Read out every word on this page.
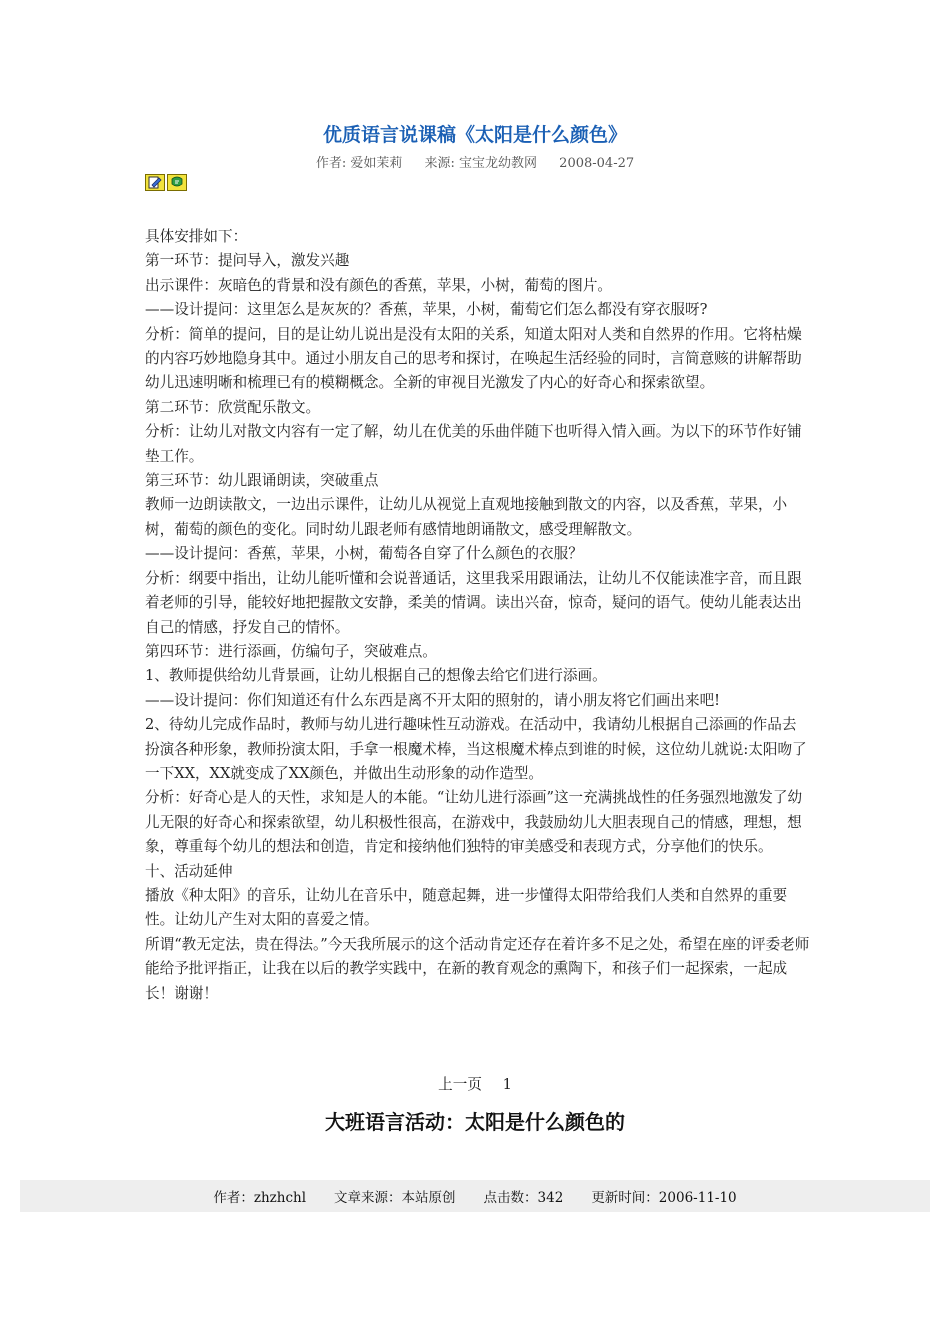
优质语言说课稿《太阳是什么颜色》
作者: 爱如茉莉 来源: 宝宝龙幼教网 2008-04-27

具体安排如下：

第一环节：提问导入，激发兴趣

出示课件：灰暗色的背景和没有颜色的香蕉，苹果，小树，葡萄的图片。

——设计提问：这里怎么是灰灰的？香蕉，苹果，小树，葡萄它们怎么都没有穿衣服呀?

分析：简单的提问，目的是让幼儿说出是没有太阳的关系，知道太阳对人类和自然界的作用。它将枯燥的内容巧妙地隐身其中。通过小朋友自己的思考和探讨，在唤起生活经验的同时，言简意赅的讲解帮助幼儿迅速明晰和梳理已有的模糊概念。全新的审视目光激发了内心的好奇心和探索欲望。

第二环节：欣赏配乐散文。

分析：让幼儿对散文内容有一定了解，幼儿在优美的乐曲伴随下也听得入情入画。为以下的环节作好铺垫工作。

第三环节：幼儿跟诵朗读，突破重点

教师一边朗读散文，一边出示课件，让幼儿从视觉上直观地接触到散文的内容，以及香蕉，苹果，小树，葡萄的颜色的变化。同时幼儿跟老师有感情地朗诵散文，感受理解散文。

——设计提问：香蕉，苹果，小树，葡萄各自穿了什么颜色的衣服？

分析：纲要中指出，让幼儿能听懂和会说普通话，这里我采用跟诵法，让幼儿不仅能读准字音，而且跟着老师的引导，能较好地把握散文安静，柔美的情调。读出兴奋，惊奇，疑问的语气。使幼儿能表达出自己的情感，抒发自己的情怀。

第四环节：进行添画，仿编句子，突破难点。

1、教师提供给幼儿背景画，让幼儿根据自己的想像去给它们进行添画。

——设计提问：你们知道还有什么东西是离不开太阳的照射的，请小朋友将它们画出来吧!

2、待幼儿完成作品时，教师与幼儿进行趣味性互动游戏。在活动中，我请幼儿根据自己添画的作品去扮演各种形象，教师扮演太阳，手拿一根魔术棒，当这根魔术棒点到谁的时候，这位幼儿就说:太阳吻了一下XX，XX就变成了XX颜色，并做出生动形象的动作造型。

分析：好奇心是人的天性，求知是人的本能。“让幼儿进行添画”这一充满挑战性的任务强烈地激发了幼儿无限的好奇心和探索欲望，幼儿积极性很高，在游戏中，我鼓励幼儿大胆表现自己的情感，理想，想象，尊重每个幼儿的想法和创造，肯定和接纳他们独特的审美感受和表现方式，分享他们的快乐。

十、活动延伸

播放《种太阳》的音乐，让幼儿在音乐中，随意起舞，进一步懂得太阳带给我们人类和自然界的重要性。让幼儿产生对太阳的喜爱之情。

所谓“教无定法，贵在得法。”今天我所展示的这个活动肯定还存在着许多不足之处，希望在座的评委老师能给予批评指正，让我在以后的教学实践中，在新的教育观念的熏陶下，和孩子们一起探索，一起成长！谢谢！

上一页 1
大班语言活动：太阳是什么颜色的
作者：zhzhchl 文章来源：本站原创 点击数：342 更新时间：2006-11-10
